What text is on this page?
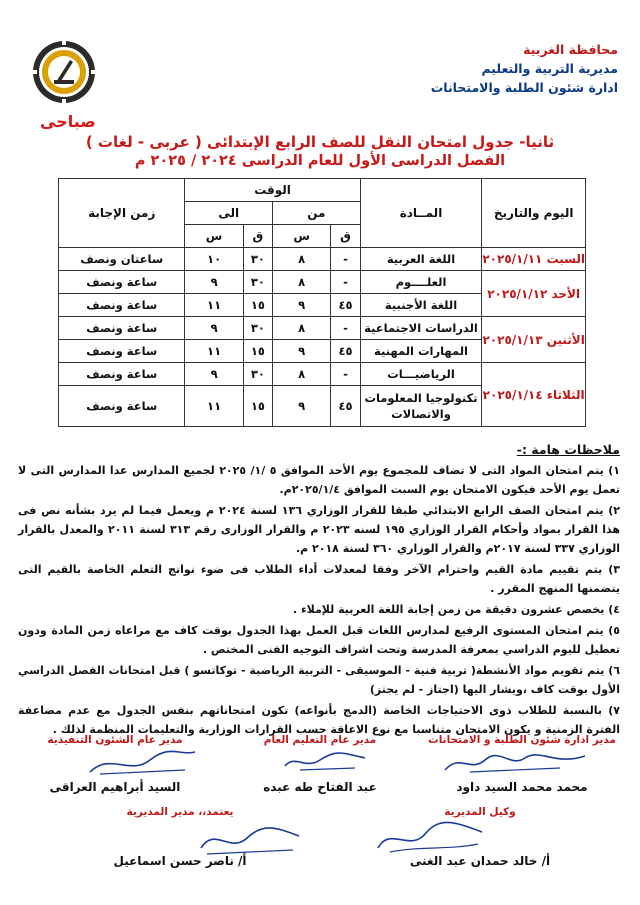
محافظة الغربية
مديرية التربية والتعليم
ادارة شئون الطلبة والامتحانات
صباحى
ثانيا- جدول امتحان النقل للصف الرابع الإبتدائى ( عربى - لغات )
الفصل الدراسى الأول للعام الدراسى ٢٠٢٤ / ٢٠٢٥ م
اليوم والتاريخ	المــادة	الوقت				زمن الإجابة
		من		الى		
		ق	س	ق	س	
السبت ٢٠٢٥/١/١١	اللغة العربية	-	٨	٣٠	١٠	ساعتان ونصف
الأحد ٢٠٢٥/١/١٢	العلــــوم	-	٨	٣٠	٩	ساعة ونصف
	اللغة الأجنبية	٤٥	٩	١٥	١١	ساعة ونصف
الأثنين ٢٠٢٥/١/١٣	الدراسات الاجتماعية	-	٨	٣٠	٩	ساعة ونصف
	المهارات المهنية	٤٥	٩	١٥	١١	ساعة ونصف
الثلاثاء ٢٠٢٥/١/١٤	الرياضيـــات	-	٨	٣٠	٩	ساعة ونصف
	تكنولوجيا المعلومات والاتصالات	٤٥	٩	١٥	١١	ساعة ونصف
ملاحظات هامة :-

١) يتم امتحان المواد التى لا تضاف للمجموع يوم الأحد الموافق ٥ /١/ ٢٠٢٥ لجميع المدارس عدا المدارس التى لا تعمل يوم الأحد فيكون الامتحان يوم السبت الموافق ٢٠٢٥/١/٤م.

٢) يتم امتحان الصف الرابع الابتدائي طبقا للقرار الوزاري ١٣٦ لسنة ٢٠٢٤ م ويعمل فيما لم يرد بشأنه نص فى هذا القرار بمواد وأحكام القرار الوزاري ١٩٥ لسنه ٢٠٢٣ م والقرار الوزارى رقم ٣١٣ لسنة ٢٠١١ والمعدل بالقرار الوزاري ٣٣٧ لسنة ٢٠١٧م والقرار الوزاري ٣٦٠ لسنة ٢٠١٨ م.

٣) يتم تقييم مادة القيم واحترام الآخر وفقا لمعدلات أداء الطلاب فى ضوء نواتج التعلم الخاصة بالقيم التى يتضمنها المنهج المقرر .

٤) يخصص عشرون دقيقة من زمن إجابة اللغة العربية للإملاء .

٥) يتم امتحان المستوى الرفيع لمدارس اللغات قبل العمل بهذا الجدول بوقت كاف مع مراعاه زمن المادة ودون تعطيل لليوم الدراسي بمعرفة المدرسة وتحت اشراف التوجيه الفنى المختص .

٦) يتم تقويم مواد الأنشطة( تربية فنية - الموسيقى - التربية الرياضية - توكاتسو ) قبل امتحانات الفصل الدراسي الأول بوقت كاف ،ويشار اليها (اجتاز - لم يجتز)

٧) بالنسبة للطلاب ذوى الاحتياجات الخاصة (الدمج بأنواعه) تكون امتحاناتهم بنفس الجدول مع عدم مضاعفة الفترة الزمنية و يكون الامتحان متناسبا مع نوع الاعاقة حسب القرارات الوزارية والتعليمات المنظمة لذلك .

مدير ادارة شئون الطلبة و الامتحانات
محمد محمد السيد داود
مدير عام التعليم العام
عبد الفتاح طه عبده
مدير عام الشئون التنفيذية
السيد أبراهيم العراقى
وكيل المديرية
أ/ خالد حمدان عبد الغنى
يعتمد،، مدير المديرية
أ/ ناصر حسن اسماعيل
